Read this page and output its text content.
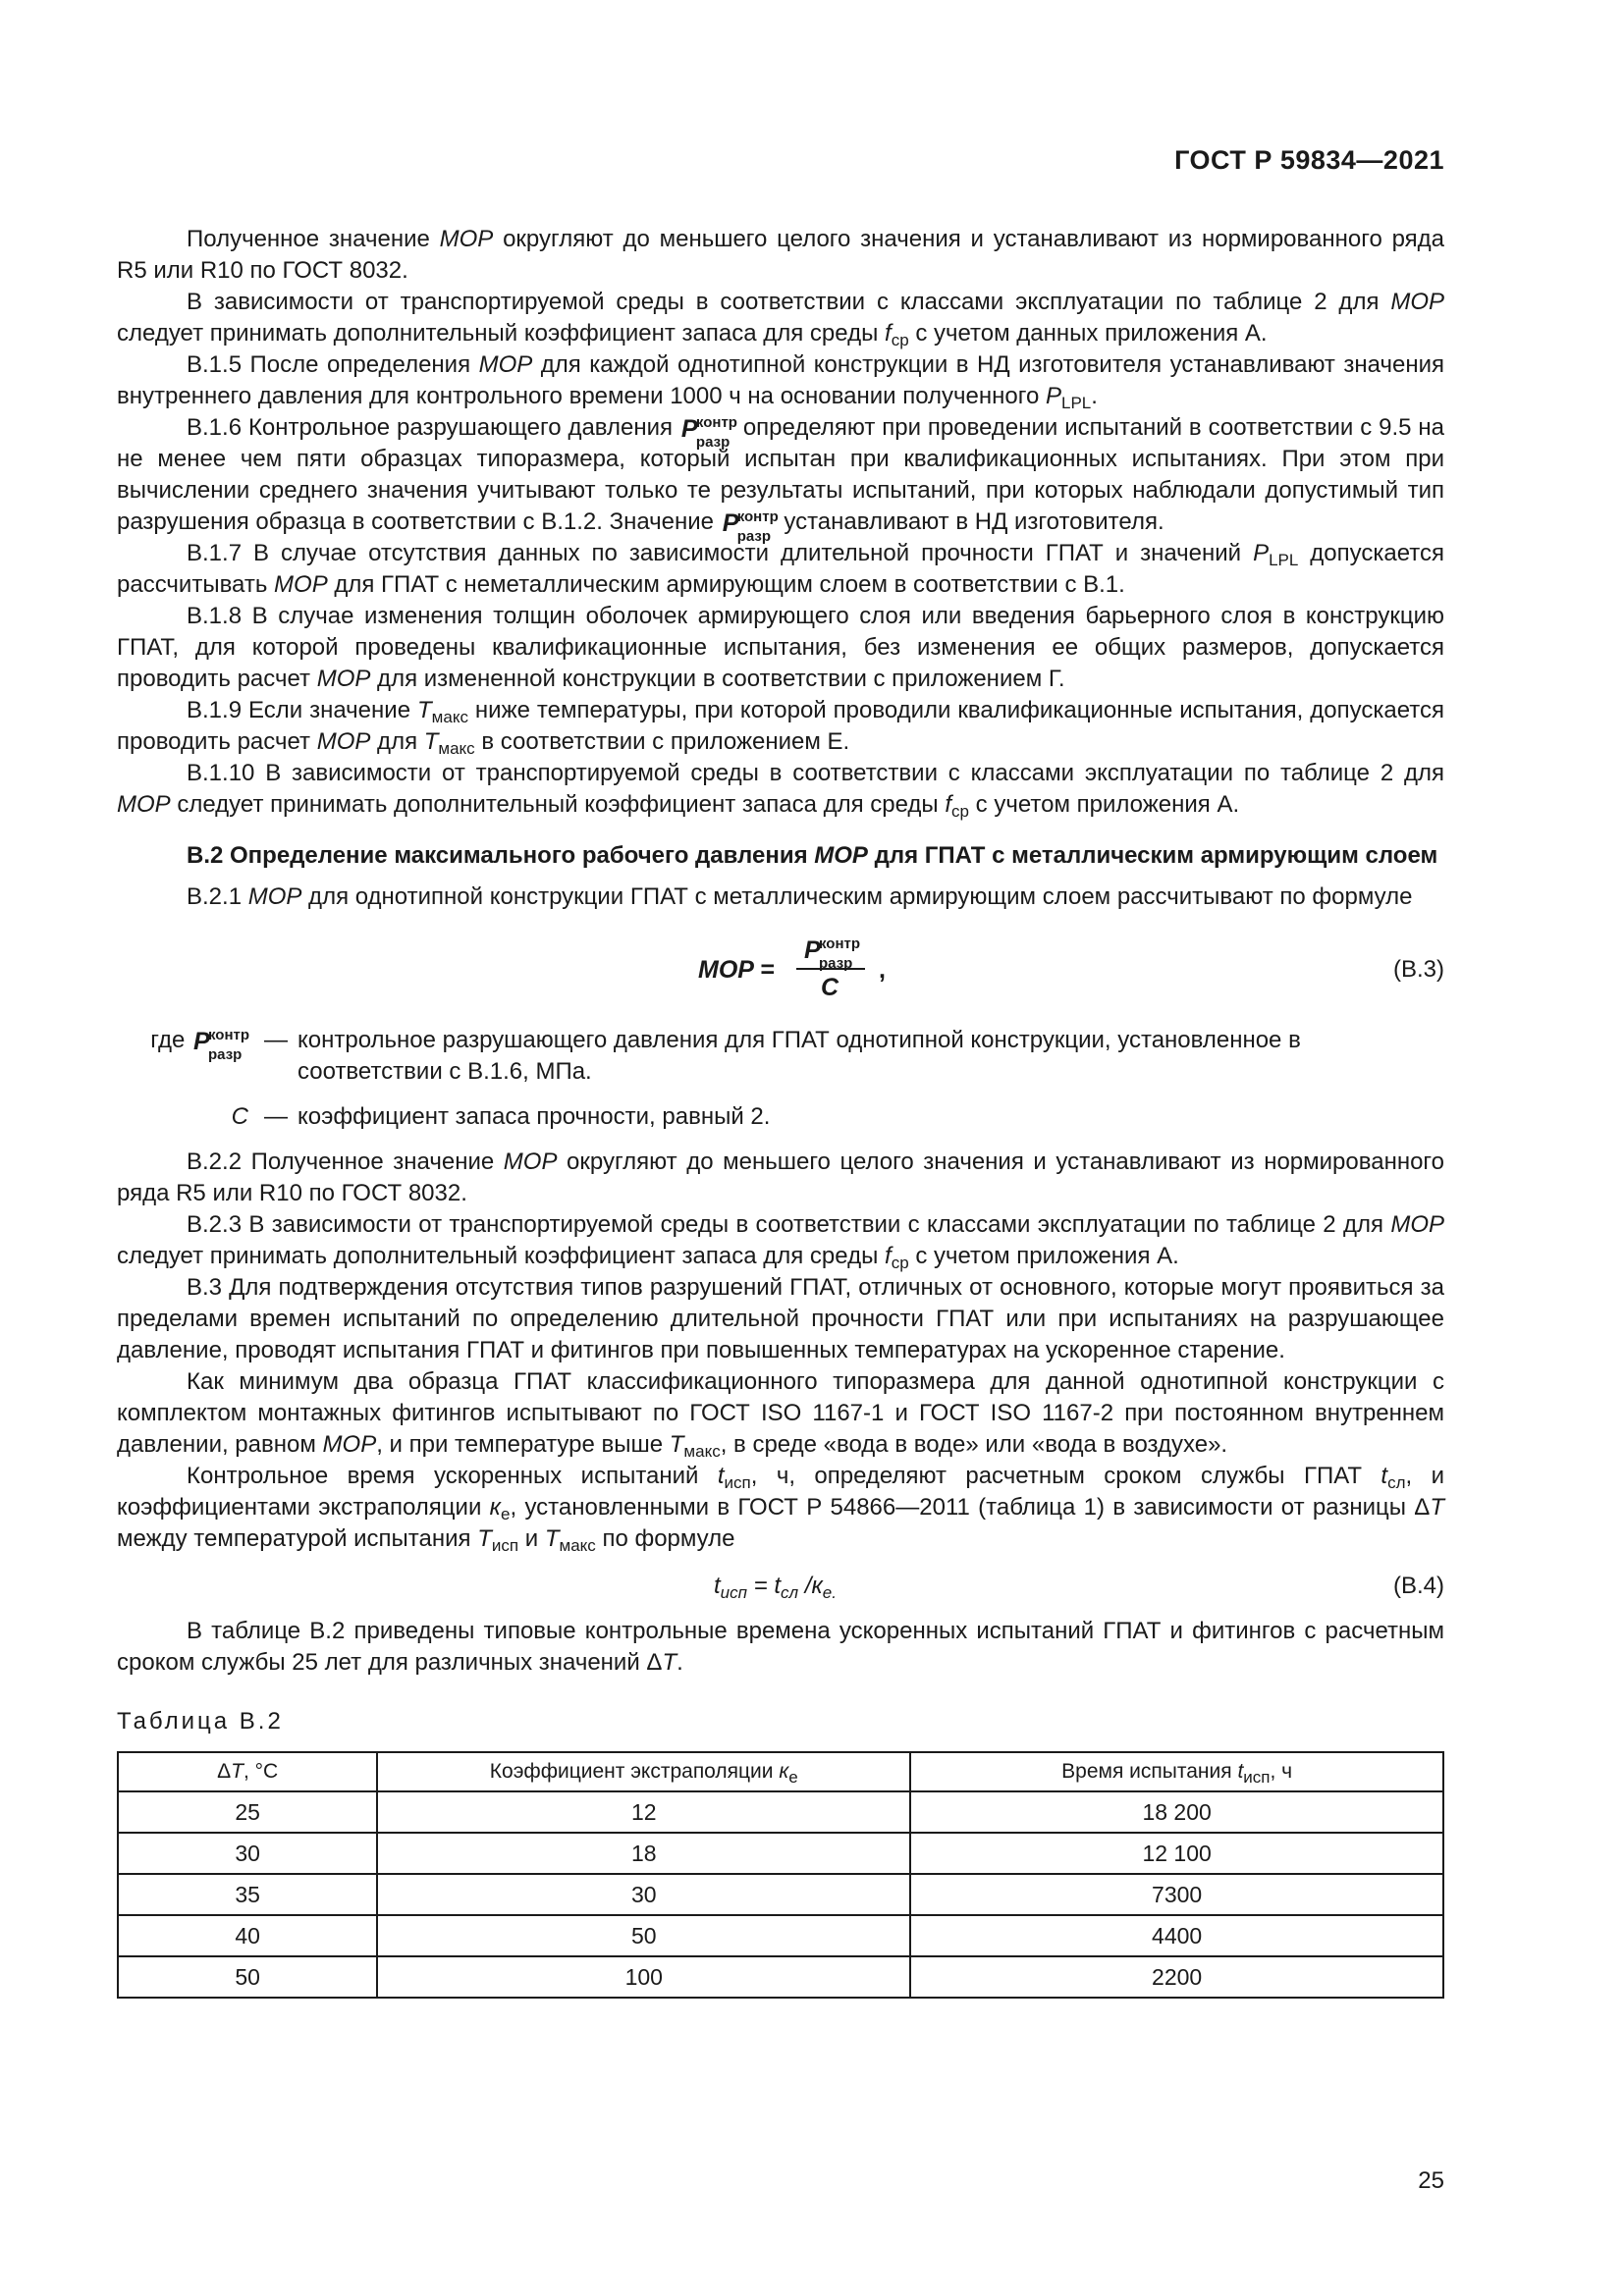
ГОСТ Р 59834—2021

Полученное значение MOP округляют до меньшего целого значения и устанавливают из нормированного ряда R5 или R10 по ГОСТ 8032.

В зависимости от транспортируемой среды в соответствии с классами эксплуатации по таблице 2 для MOP следует принимать дополнительный коэффициент запаса для среды $f_{ср}$ с учетом данных приложения А.

В.1.5 После определения MOP для каждой однотипной конструкции в НД изготовителя устанавливают значения внутреннего давления для контрольного времени 1000 ч на основании полученного $P_{LPL}$.

В.1.6 Контрольное разрушающего давления P
контр
разр
определяют при проведении испытаний в соответствии с 9.5 на не менее чем пяти образцах типоразмера, который испытан при квалификационных испытаниях. При этом при вычислении среднего значения учитывают только те результаты испытаний, при которых наблюдали допустимый тип разрушения образца в соответствии с В.1.2. Значение P
контр
разр
устанавливают в НД изготовителя.

В.1.7 В случае отсутствия данных по зависимости длительной прочности ГПАТ и значений $P_{LPL}$ допускается рассчитывать MOP для ГПАТ с неметаллическим армирующим слоем в соответствии с В.1.

В.1.8 В случае изменения толщин оболочек армирующего слоя или введения барьерного слоя в конструкцию ГПАТ, для которой проведены квалификационные испытания, без изменения ее общих размеров, допускается проводить расчет MOP для измененной конструкции в соответствии с приложением Г.

В.1.9 Если значение $T_{макс}$ ниже температуры, при которой проводили квалификационные испытания, допускается проводить расчет MOP для $T_{макс}$ в соответствии с приложением Е.

В.1.10 В зависимости от транспортируемой среды в соответствии с классами эксплуатации по таблице 2 для MOP следует принимать дополнительный коэффициент запаса для среды $f_{ср}$ с учетом приложения А.

В.2 Определение максимального рабочего давления MOP для ГПАТ с металлическим армирующим слоем

В.2.1 MOP для однотипной конструкции ГПАТ с металлическим армирующим слоем рассчитывают по формуле

MOP =
P
контр
разр
C
,	(В.3)
где P
контр
разр
— контрольное разрушающего давления для ГПАТ однотипной конструкции, установленное в соответствии с В.1.6, МПа.
C — коэффициент запаса прочности, равный 2.

В.2.2 Полученное значение MOP округляют до меньшего целого значения и устанавливают из нормированного ряда R5 или R10 по ГОСТ 8032.

В.2.3 В зависимости от транспортируемой среды в соответствии с классами эксплуатации по таблице 2 для MOP следует принимать дополнительный коэффициент запаса для среды $f_{ср}$ с учетом приложения А.

В.3 Для подтверждения отсутствия типов разрушений ГПАТ, отличных от основного, которые могут проявиться за пределами времен испытаний по определению длительной прочности ГПАТ или при испытаниях на разрушающее давление, проводят испытания ГПАТ и фитингов при повышенных температурах на ускоренное старение.

Как минимум два образца ГПАТ классификационного типоразмера для данной однотипной конструкции с комплектом монтажных фитингов испытывают по ГОСТ ISO 1167-1 и ГОСТ ISO 1167-2 при постоянном внутреннем давлении, равном MOP, и при температуре выше $T_{макс}$, в среде «вода в воде» или «вода в воздухе».

Контрольное время ускоренных испытаний $t_{исп}$, ч, определяют расчетным сроком службы ГПАТ $t_{сл}$, и коэффициентами экстраполяции $к_e$, установленными в ГОСТ Р 54866—2011 (таблица 1) в зависимости от разницы ΔT между температурой испытания $T_{исп}$ и $T_{макс}$ по формуле

$t_{исп} = t_{сл}$ $/к_{e.}$	(В.4)

В таблице В.2 приведены типовые контрольные времена ускоренных испытаний ГПАТ и фитингов с расчетным сроком службы 25 лет для различных значений ΔT.

Таблица В.2
ΔT, °C	Коэффициент экстраполяции $к_e$	Время испытания $t_{исп}$, ч
25	12	18 200
30	18	12 100
35	30	7300
40	50	4400
50	100	2200
25
